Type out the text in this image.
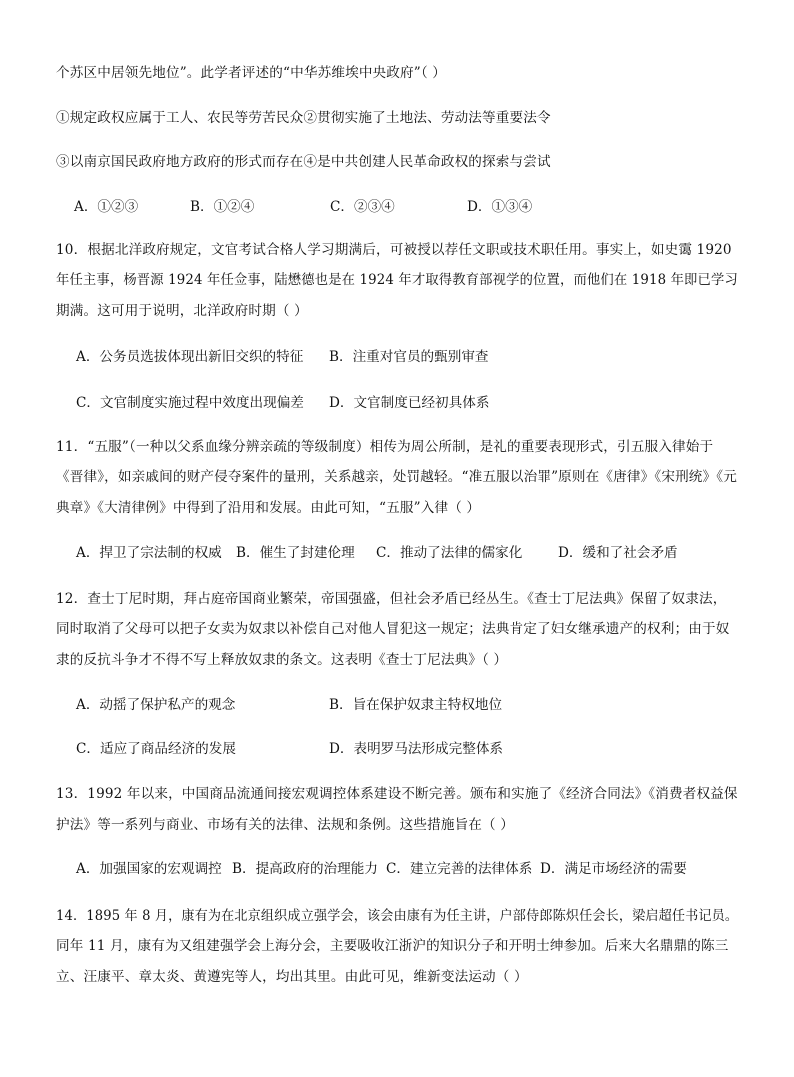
个苏区中居领先地位”。此学者评述的“中华苏维埃中央政府”（ ）
①规定政权应属于工人、农民等劳苦民众②贯彻实施了土地法、劳动法等重要法令
③以南京国民政府地方政府的形式而存在④是中共创建人民革命政权的探索与尝试
A．①②③	B．①②④	C．②③④	D．①③④
10．根据北洋政府规定，文官考试合格人学习期满后，可被授以荐任文职或技术职任用。事实上，如史霭 1920
年任主事，杨晋源 1924 年任佥事，陆懋德也是在 1924 年才取得教育部视学的位置，而他们在 1918 年即已学习
期满。这可用于说明，北洋政府时期（ ）
A．公务员选拔体现出新旧交织的特征 B．注重对官员的甄别审查
C．文官制度实施过程中效度出现偏差 D．文官制度已经初具体系
11．“五服”（一种以父系血缘分辨亲疏的等级制度）相传为周公所制，是礼的重要表现形式，引五服入律始于
《晋律》，如亲戚间的财产侵夺案件的量刑，关系越亲，处罚越轻。“准五服以治罪”原则在《唐律》《宋刑统》《元
典章》《大清律例》中得到了沿用和发展。由此可知，“五服”入律（ ）
A．捍卫了宗法制的权威 B．催生了封建伦理 C．推动了法律的儒家化	D．缓和了社会矛盾
12．查士丁尼时期，拜占庭帝国商业繁荣，帝国强盛，但社会矛盾已经丛生。《查士丁尼法典》保留了奴隶法，
同时取消了父母可以把子女卖为奴隶以补偿自己对他人冒犯这一规定；法典肯定了妇女继承遗产的权利；由于奴
隶的反抗斗争才不得不写上释放奴隶的条文。这表明《查士丁尼法典》（ ）
A．动摇了保护私产的观念	B．旨在保护奴隶主特权地位
C．适应了商品经济的发展	D．表明罗马法形成完整体系
13．1992 年以来，中国商品流通间接宏观调控体系建设不断完善。颁布和实施了《经济合同法》《消费者权益保
护法》等一系列与商业、市场有关的法律、法规和条例。这些措施旨在（ ）
A．加强国家的宏观调控 B．提高政府的治理能力 C．建立完善的法律体系 D．满足市场经济的需要
14．1895 年 8 月，康有为在北京组织成立强学会，该会由康有为任主讲，户部侍郎陈炽任会长，梁启超任书记员。
同年 11 月，康有为又组建强学会上海分会，主要吸收江浙沪的知识分子和开明士绅参加。后来大名鼎鼎的陈三
立、汪康平、章太炎、黄遵宪等人，均出其里。由此可见，维新变法运动（ ）
